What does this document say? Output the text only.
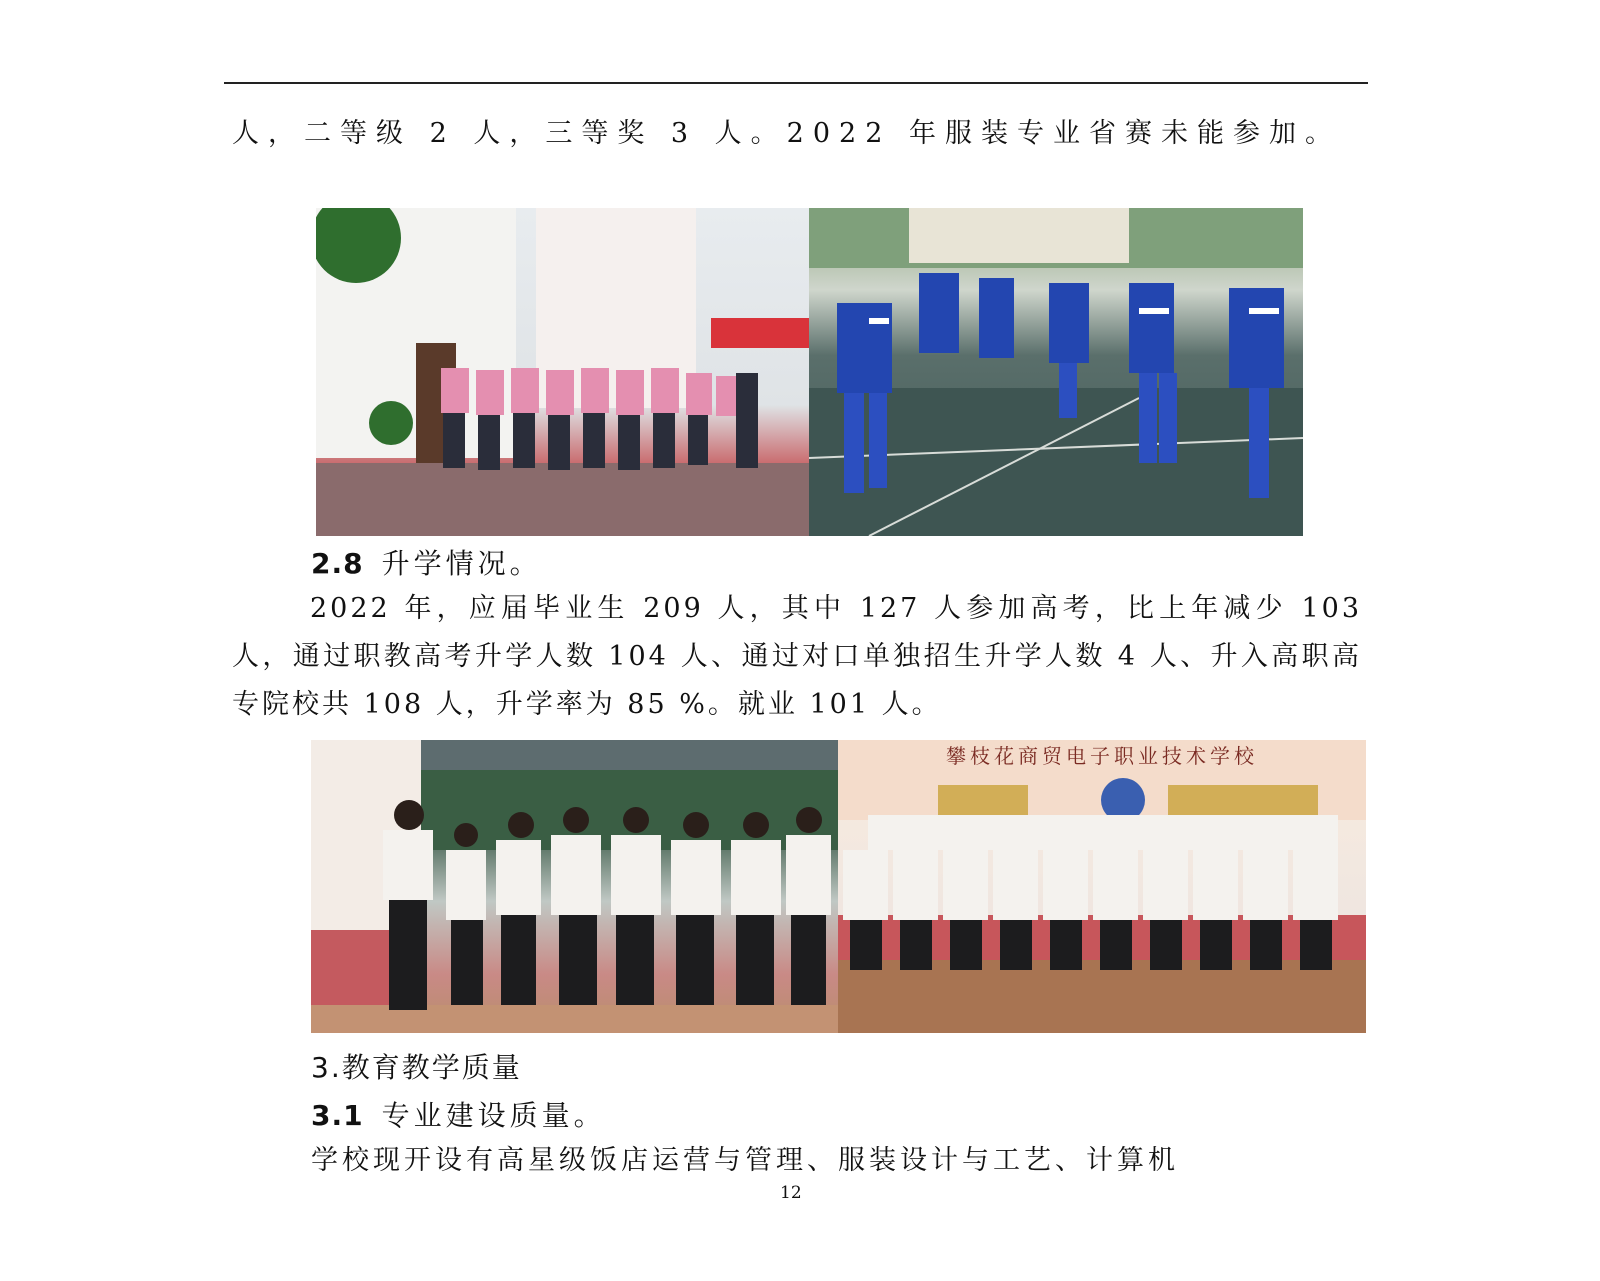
人，二等级 2 人，三等奖 3 人。2022 年服装专业省赛未能参加。
2.8 升学情况。
2022 年，应届毕业生 209 人，其中 127 人参加高考，比上年减少 103 人，通过职教高考升学人数 104 人、通过对口单独招生升学人数 4 人、升入高职高专院校共 108 人，升学率为 85 %。就业 101 人。
攀枝花商贸电子职业技术学校
3.教育教学质量
3.1 专业建设质量。
学校现开设有高星级饭店运营与管理、服装设计与工艺、计算机
12
